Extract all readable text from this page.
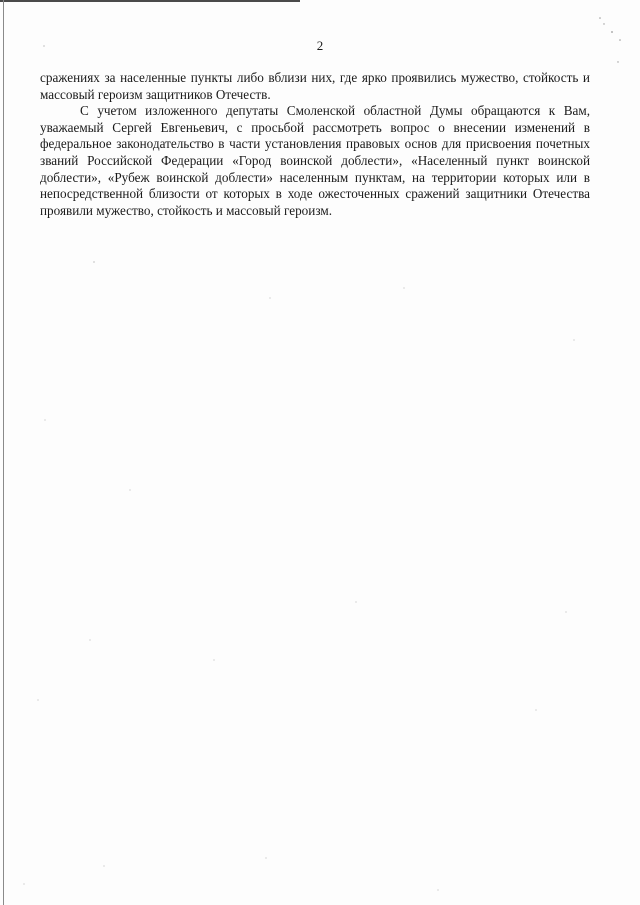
2

сражениях за населенные пункты либо вблизи них, где ярко проявились мужество, стойкость и массовый героизм защитников Отечеств.

С учетом изложенного депутаты Смоленской областной Думы обращаются к Вам, уважаемый Сергей Евгеньевич, с просьбой рассмотреть вопрос о внесении изменений в федеральное законодательство в части установления правовых основ для присвоения почетных званий Российской Федерации «Город воинской доблести», «Населенный пункт воинской доблести», «Рубеж воинской доблести» населенным пунктам, на территории которых или в непосредственной близости от которых в ходе ожесточенных сражений защитники Отечества проявили мужество, стойкость и массовый героизм.
